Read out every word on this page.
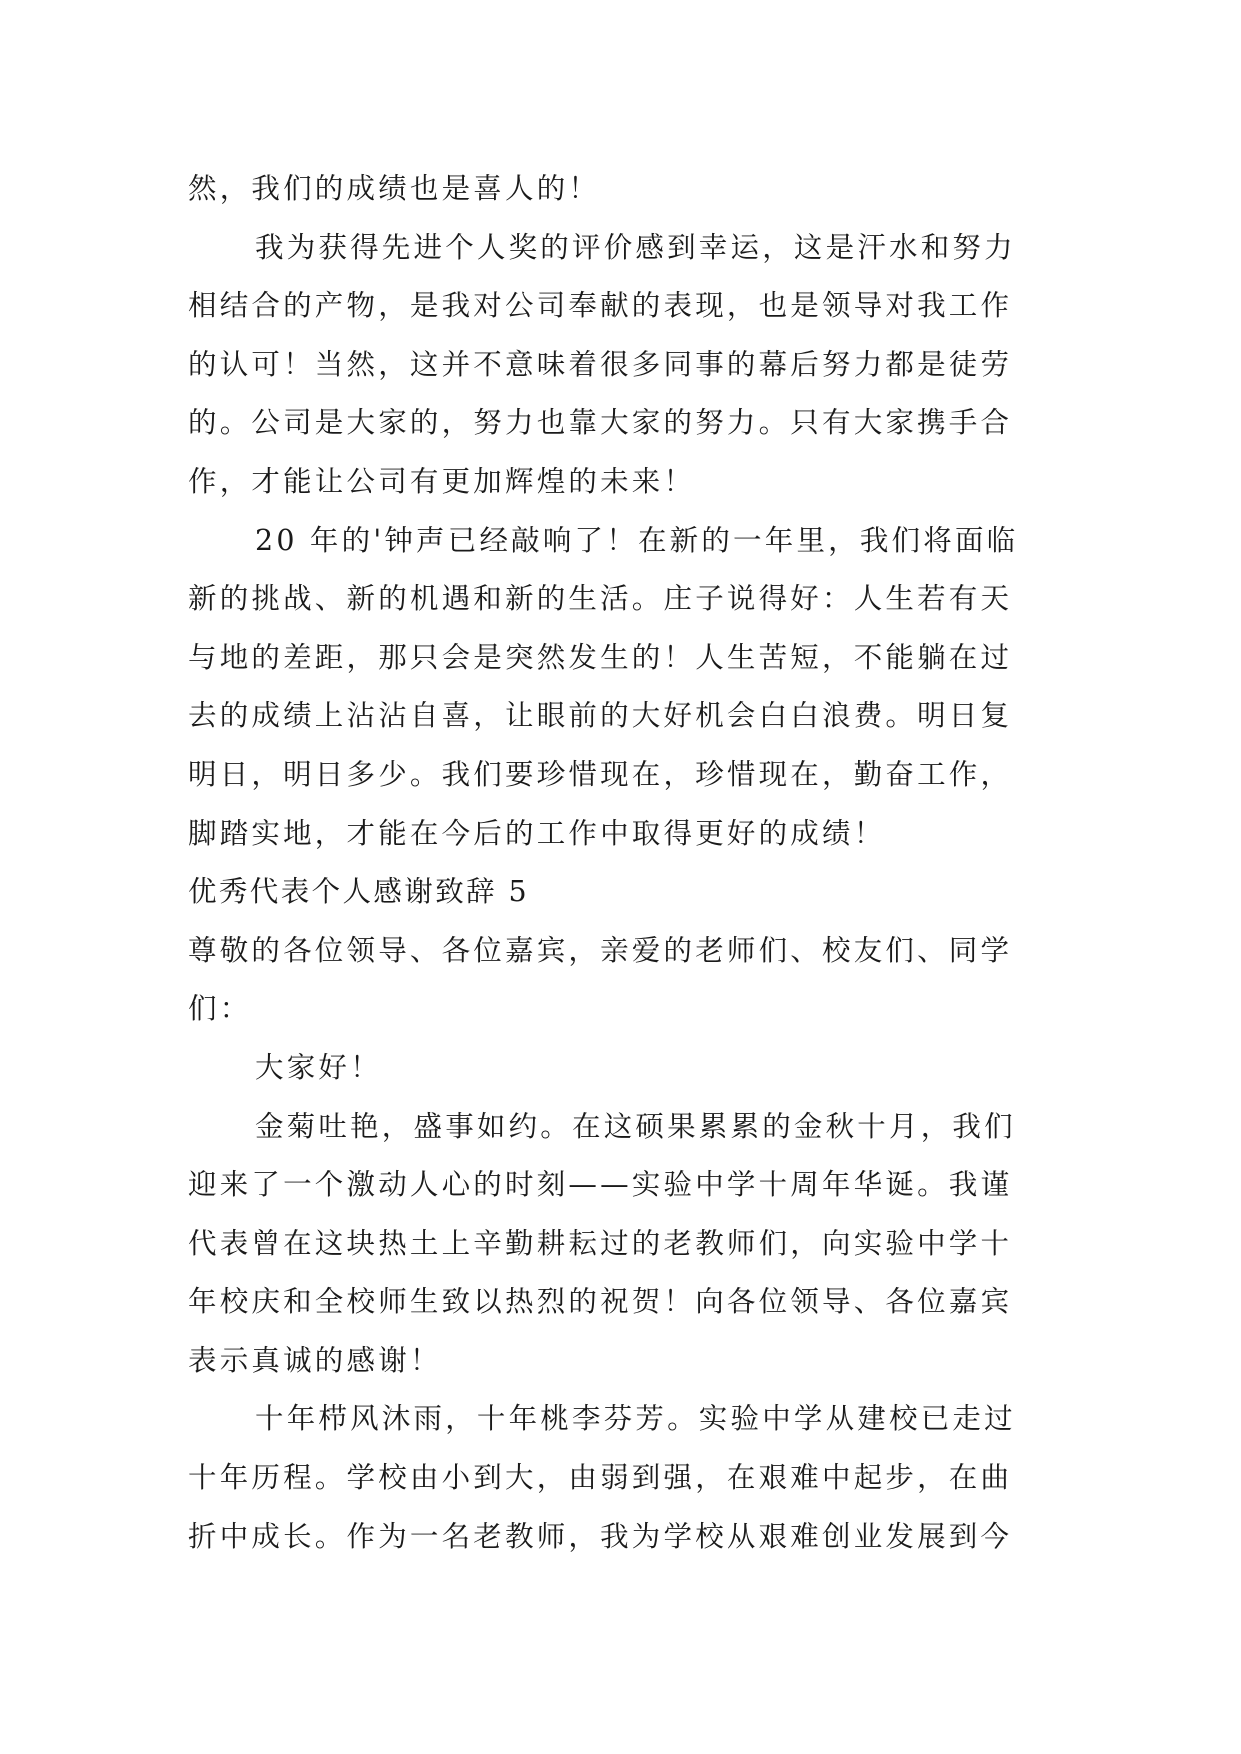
然，我们的成绩也是喜人的！
我为获得先进个人奖的评价感到幸运，这是汗水和努力
相结合的产物，是我对公司奉献的表现，也是领导对我工作
的认可！当然，这并不意味着很多同事的幕后努力都是徒劳
的。公司是大家的，努力也靠大家的努力。只有大家携手合
作，才能让公司有更加辉煌的未来！
20 年的'钟声已经敲响了！在新的一年里，我们将面临
新的挑战、新的机遇和新的生活。庄子说得好：人生若有天
与地的差距，那只会是突然发生的！人生苦短，不能躺在过
去的成绩上沾沾自喜，让眼前的大好机会白白浪费。明日复
明日，明日多少。我们要珍惜现在，珍惜现在，勤奋工作，
脚踏实地，才能在今后的工作中取得更好的成绩！
优秀代表个人感谢致辞 5
尊敬的各位领导、各位嘉宾，亲爱的老师们、校友们、同学
们：
大家好！
金菊吐艳，盛事如约。在这硕果累累的金秋十月，我们
迎来了一个激动人心的时刻——实验中学十周年华诞。我谨
代表曾在这块热土上辛勤耕耘过的老教师们，向实验中学十
年校庆和全校师生致以热烈的祝贺！向各位领导、各位嘉宾
表示真诚的感谢！
十年栉风沐雨，十年桃李芬芳。实验中学从建校已走过
十年历程。学校由小到大，由弱到强，在艰难中起步，在曲
折中成长。作为一名老教师，我为学校从艰难创业发展到今
